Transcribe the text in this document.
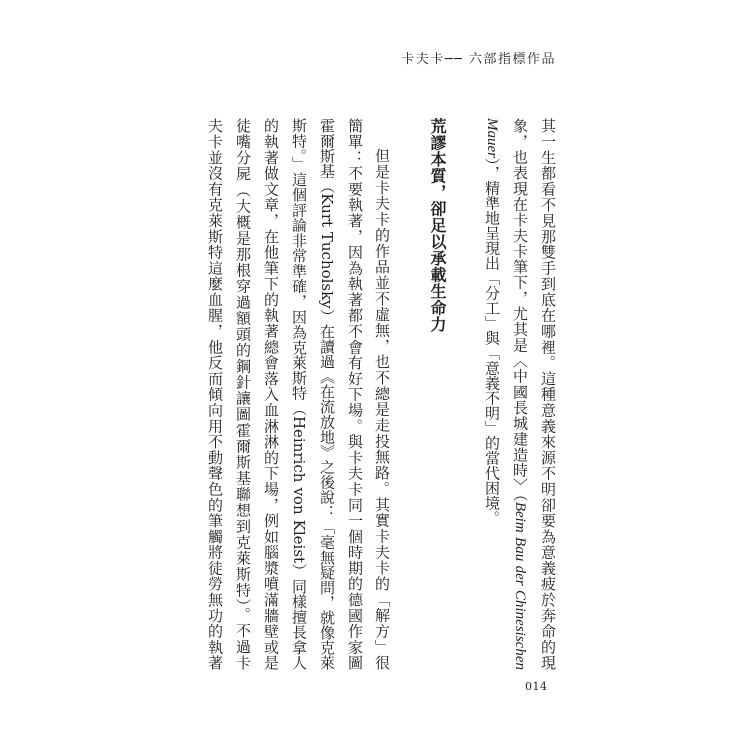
卡夫卡── 六部指標作品
其一生都看不見那雙手到底在哪裡。這種意義來源不明卻要為意義疲於奔命的現
象，也表現在卡夫卡筆下，尤其是〈中國長城建造時〉（Beim Bau der Chinesischen
Mauer），精準地呈現出「分工」與「意義不明」的當代困境。
荒謬本質，卻足以承載生命力
但是卡夫卡的作品並不虛無，也不總是走投無路。其實卡夫卡的「解方」很
簡單：不要執著，因為執著都不會有好下場。與卡夫卡同一個時期的德國作家圖
霍爾斯基（Kurt Tucholsky）在讀過《在流放地》之後說：「毫無疑問，就像克萊
斯特。」這個評論非常準確，因為克萊斯特（Heinrich von Kleist）同樣擅長拿人
的執著做文章，在他筆下的執著總會落入血淋淋的下場，例如腦漿噴滿牆壁或是
徒嘴分屍（大概是那根穿過額頭的鋼針讓圖霍爾斯基聯想到克萊斯特）。不過卡
夫卡並沒有克萊斯特這麼血腥，他反而傾向用不動聲色的筆觸將徒勞無功的執著
014
